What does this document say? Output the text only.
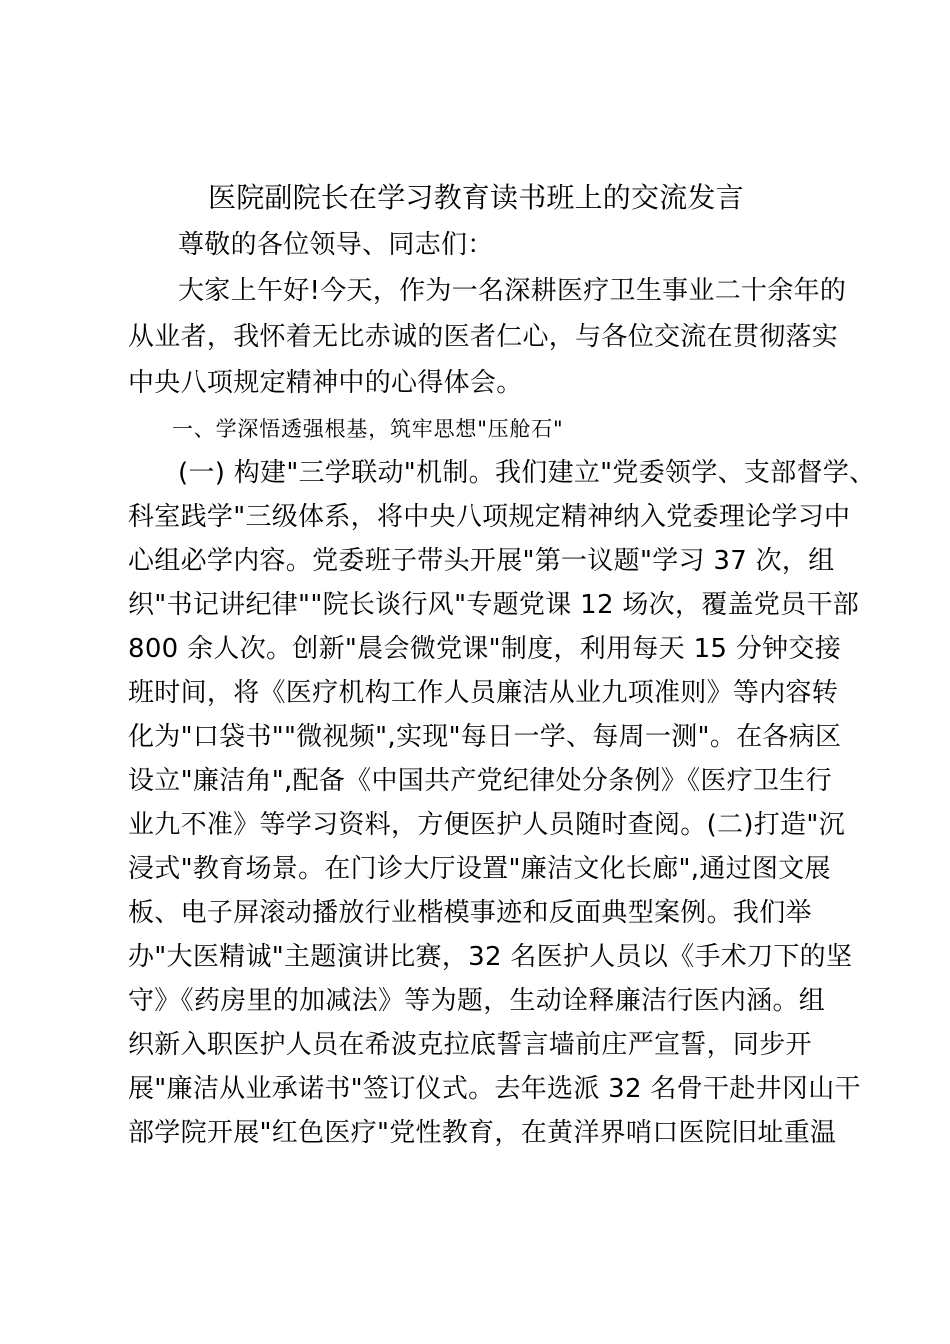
医院副院长在学习教育读书班上的交流发言
尊敬的各位领导、同志们：
大家上午好!今天，作为一名深耕医疗卫生事业二十余年的
从业者，我怀着无比赤诚的医者仁心，与各位交流在贯彻落实
中央八项规定精神中的心得体会。
一、学深悟透强根基，筑牢思想"压舱石"
(一) 构建"三学联动"机制。我们建立"党委领学、支部督学、
科室践学"三级体系，将中央八项规定精神纳入党委理论学习中
心组必学内容。党委班子带头开展"第一议题"学习 37 次，组
织"书记讲纪律""院长谈行风"专题党课 12 场次，覆盖党员干部
800 余人次。创新"晨会微党课"制度，利用每天 15 分钟交接
班时间，将《医疗机构工作人员廉洁从业九项准则》等内容转
化为"口袋书""微视频",实现"每日一学、每周一测"。在各病区
设立"廉洁角",配备《中国共产党纪律处分条例》《医疗卫生行
业九不准》等学习资料，方便医护人员随时查阅。(二)打造"沉
浸式"教育场景。在门诊大厅设置"廉洁文化长廊",通过图文展
板、电子屏滚动播放行业楷模事迹和反面典型案例。我们举
办"大医精诚"主题演讲比赛，32 名医护人员以《手术刀下的坚
守》《药房里的加减法》等为题，生动诠释廉洁行医内涵。组
织新入职医护人员在希波克拉底誓言墙前庄严宣誓，同步开
展"廉洁从业承诺书"签订仪式。去年选派 32 名骨干赴井冈山干
部学院开展"红色医疗"党性教育，在黄洋界哨口医院旧址重温
